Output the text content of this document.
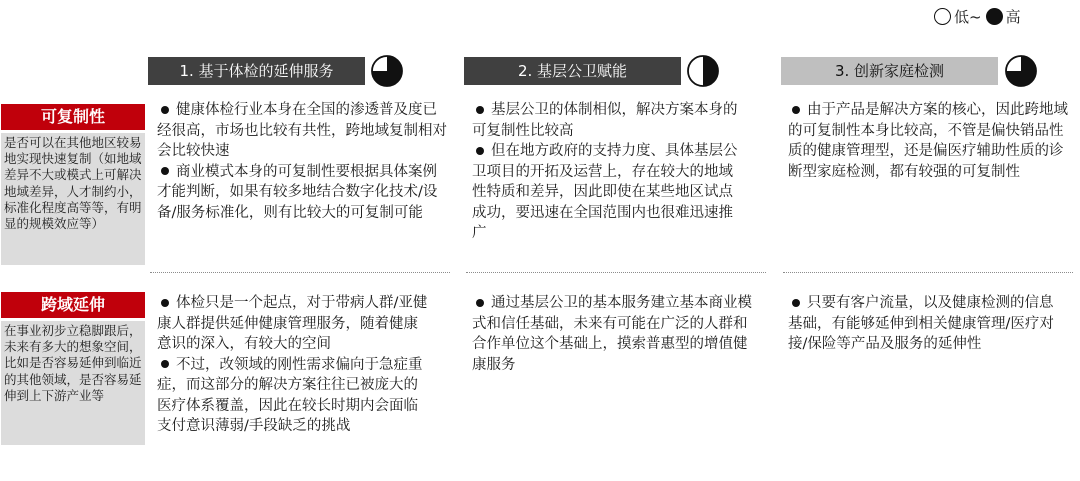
低~ 高
1. 基于体检的延伸服务	2. 基层公卫赋能	3. 创新家庭检测
可复制性
是否可以在其他地区较易地实现快速复制（如地域差异不大或模式上可解决地域差异，人才制约小，标准化程度高等等，有明显的规模效应等）

健康体检行业本身在全国的渗透普及度已经很高，市场也比较有共性，跨地域复制相对会比较快速

商业模式本身的可复制性要根据具体案例才能判断，如果有较多地结合数字化技术/设备/服务标准化，则有比较大的可复制可能

基层公卫的体制相似，解决方案本身的可复制性比较高

但在地方政府的支持力度、具体基层公卫项目的开拓及运营上，存在较大的地域性特质和差异，因此即使在某些地区试点成功，要迅速在全国范围内也很难迅速推广

由于产品是解决方案的核心，因此跨地域的可复制性本身比较高，不管是偏快销品性质的健康管理型，还是偏医疗辅助性质的诊断型家庭检测，都有较强的可复制性

跨域延伸
在事业初步立稳脚跟后，未来有多大的想象空间，比如是否容易延伸到临近的其他领域，是否容易延伸到上下游产业等

体检只是一个起点，对于带病人群/亚健康人群提供延伸健康管理服务，随着健康意识的深入，有较大的空间

不过，改领域的刚性需求偏向于急症重症，而这部分的解决方案往往已被庞大的医疗体系覆盖，因此在较长时期内会面临支付意识薄弱/手段缺乏的挑战

通过基层公卫的基本服务建立基本商业模式和信任基础，未来有可能在广泛的人群和合作单位这个基础上，摸索普惠型的增值健康服务

只要有客户流量，以及健康检测的信息基础，有能够延伸到相关健康管理/医疗对接/保险等产品及服务的延伸性
